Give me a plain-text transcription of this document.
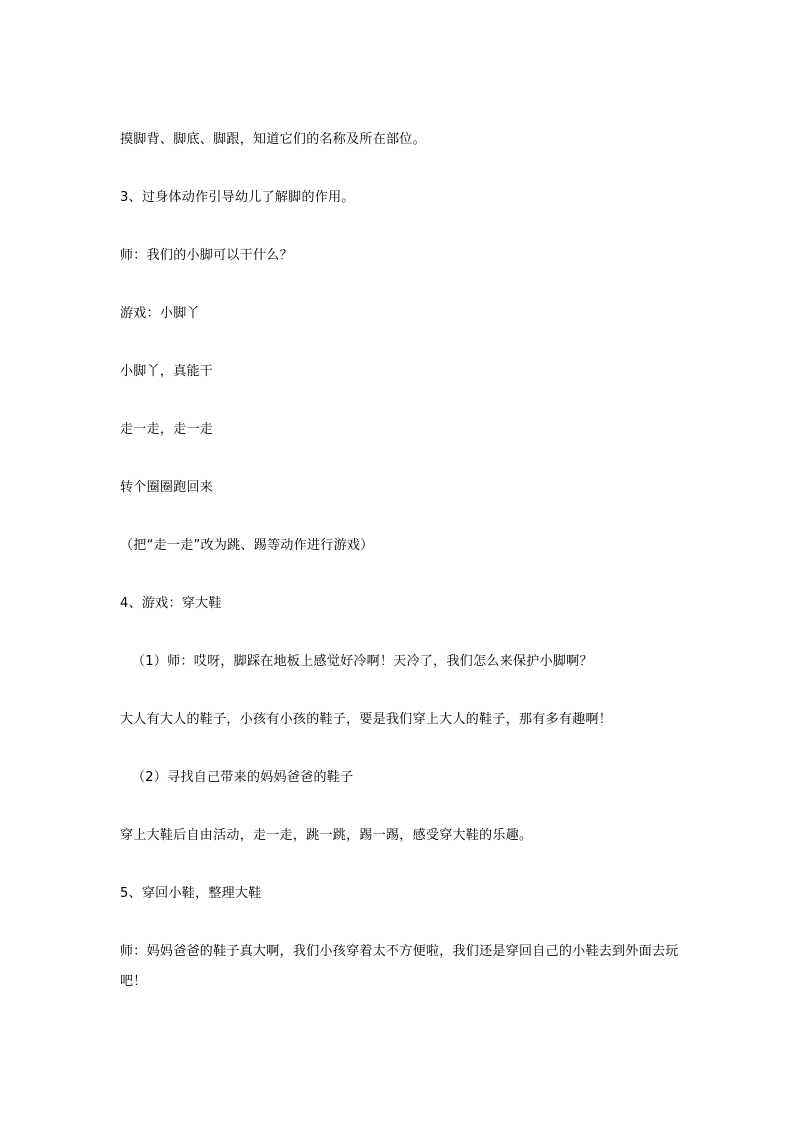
摸脚背、脚底、脚跟，知道它们的名称及所在部位。
3、过身体动作引导幼儿了解脚的作用。
师：我们的小脚可以干什么？
游戏：小脚丫
小脚丫，真能干
走一走，走一走
转个圈圈跑回来
（把“走一走”改为跳、踢等动作进行游戏）
4、游戏：穿大鞋
（1）师：哎呀，脚踩在地板上感觉好冷啊！天冷了，我们怎么来保护小脚啊？
大人有大人的鞋子，小孩有小孩的鞋子，要是我们穿上大人的鞋子，那有多有趣啊！
（2）寻找自己带来的妈妈爸爸的鞋子
穿上大鞋后自由活动，走一走，跳一跳，踢一踢，感受穿大鞋的乐趣。
5、穿回小鞋，整理大鞋
师：妈妈爸爸的鞋子真大啊，我们小孩穿着太不方便啦，我们还是穿回自己的小鞋去到外面去玩
吧！
